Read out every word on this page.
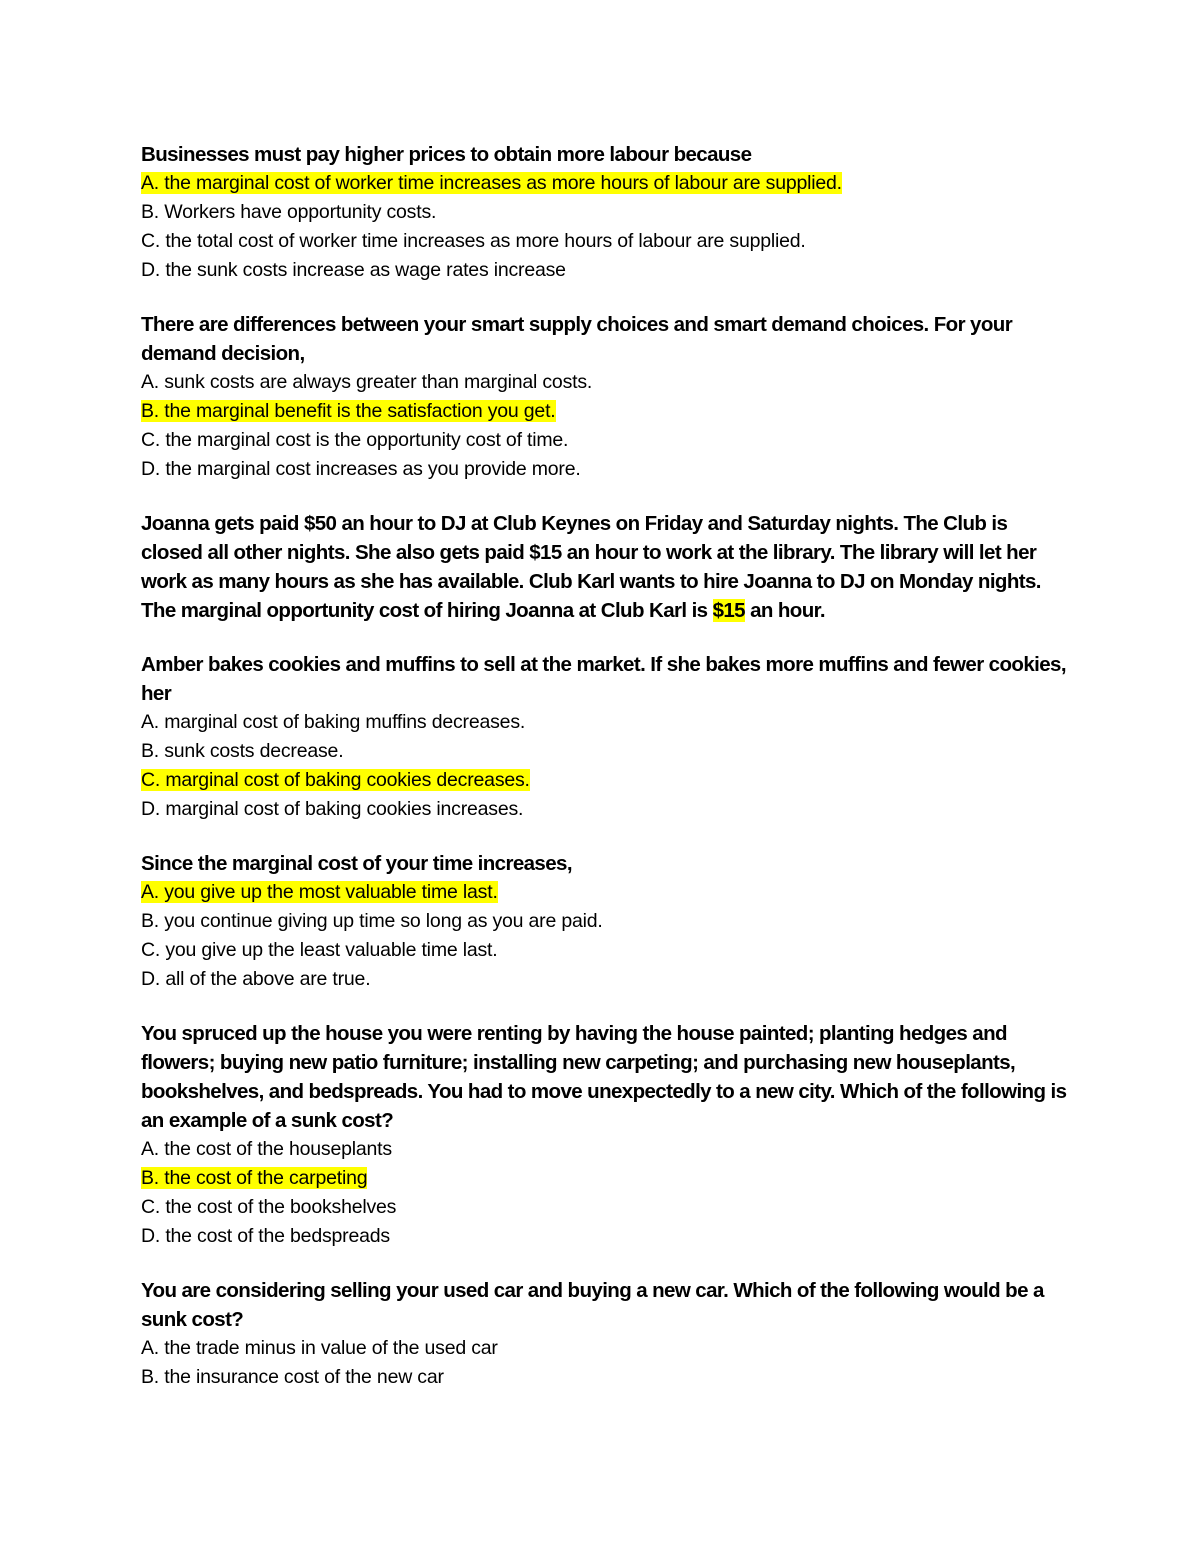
Businesses must pay higher prices to obtain more labour because

A. the marginal cost of worker time increases as more hours of labour are supplied.

B. Workers have opportunity costs.

C. the total cost of worker time increases as more hours of labour are supplied.

D. the sunk costs increase as wage rates increase

There are differences between your smart supply choices and smart demand choices. For your demand decision,

A. sunk costs are always greater than marginal costs.

B. the marginal benefit is the satisfaction you get.

C. the marginal cost is the opportunity cost of time.

D. the marginal cost increases as you provide more.

Joanna gets paid $50 an hour to DJ at Club Keynes on Friday and Saturday nights. The Club is closed all other nights. She also gets paid $15 an hour to work at the library. The library will let her work as many hours as she has available. Club Karl wants to hire Joanna to DJ on Monday nights. The marginal opportunity cost of hiring Joanna at Club Karl is $15 an hour.

Amber bakes cookies and muffins to sell at the market. If she bakes more muffins and fewer cookies, her

A. marginal cost of baking muffins decreases.

B. sunk costs decrease.

C. marginal cost of baking cookies decreases.

D. marginal cost of baking cookies increases.

Since the marginal cost of your time increases,

A. you give up the most valuable time last.

B. you continue giving up time so long as you are paid.

C. you give up the least valuable time last.

D. all of the above are true.

You spruced up the house you were renting by having the house painted; planting hedges and flowers; buying new patio furniture; installing new carpeting; and purchasing new houseplants, bookshelves, and bedspreads. You had to move unexpectedly to a new city. Which of the following is an example of a sunk cost?

A. the cost of the houseplants

B. the cost of the carpeting

C. the cost of the bookshelves

D. the cost of the bedspreads

You are considering selling your used car and buying a new car. Which of the following would be a sunk cost?

A. the trade minus in value of the used car

B. the insurance cost of the new car
